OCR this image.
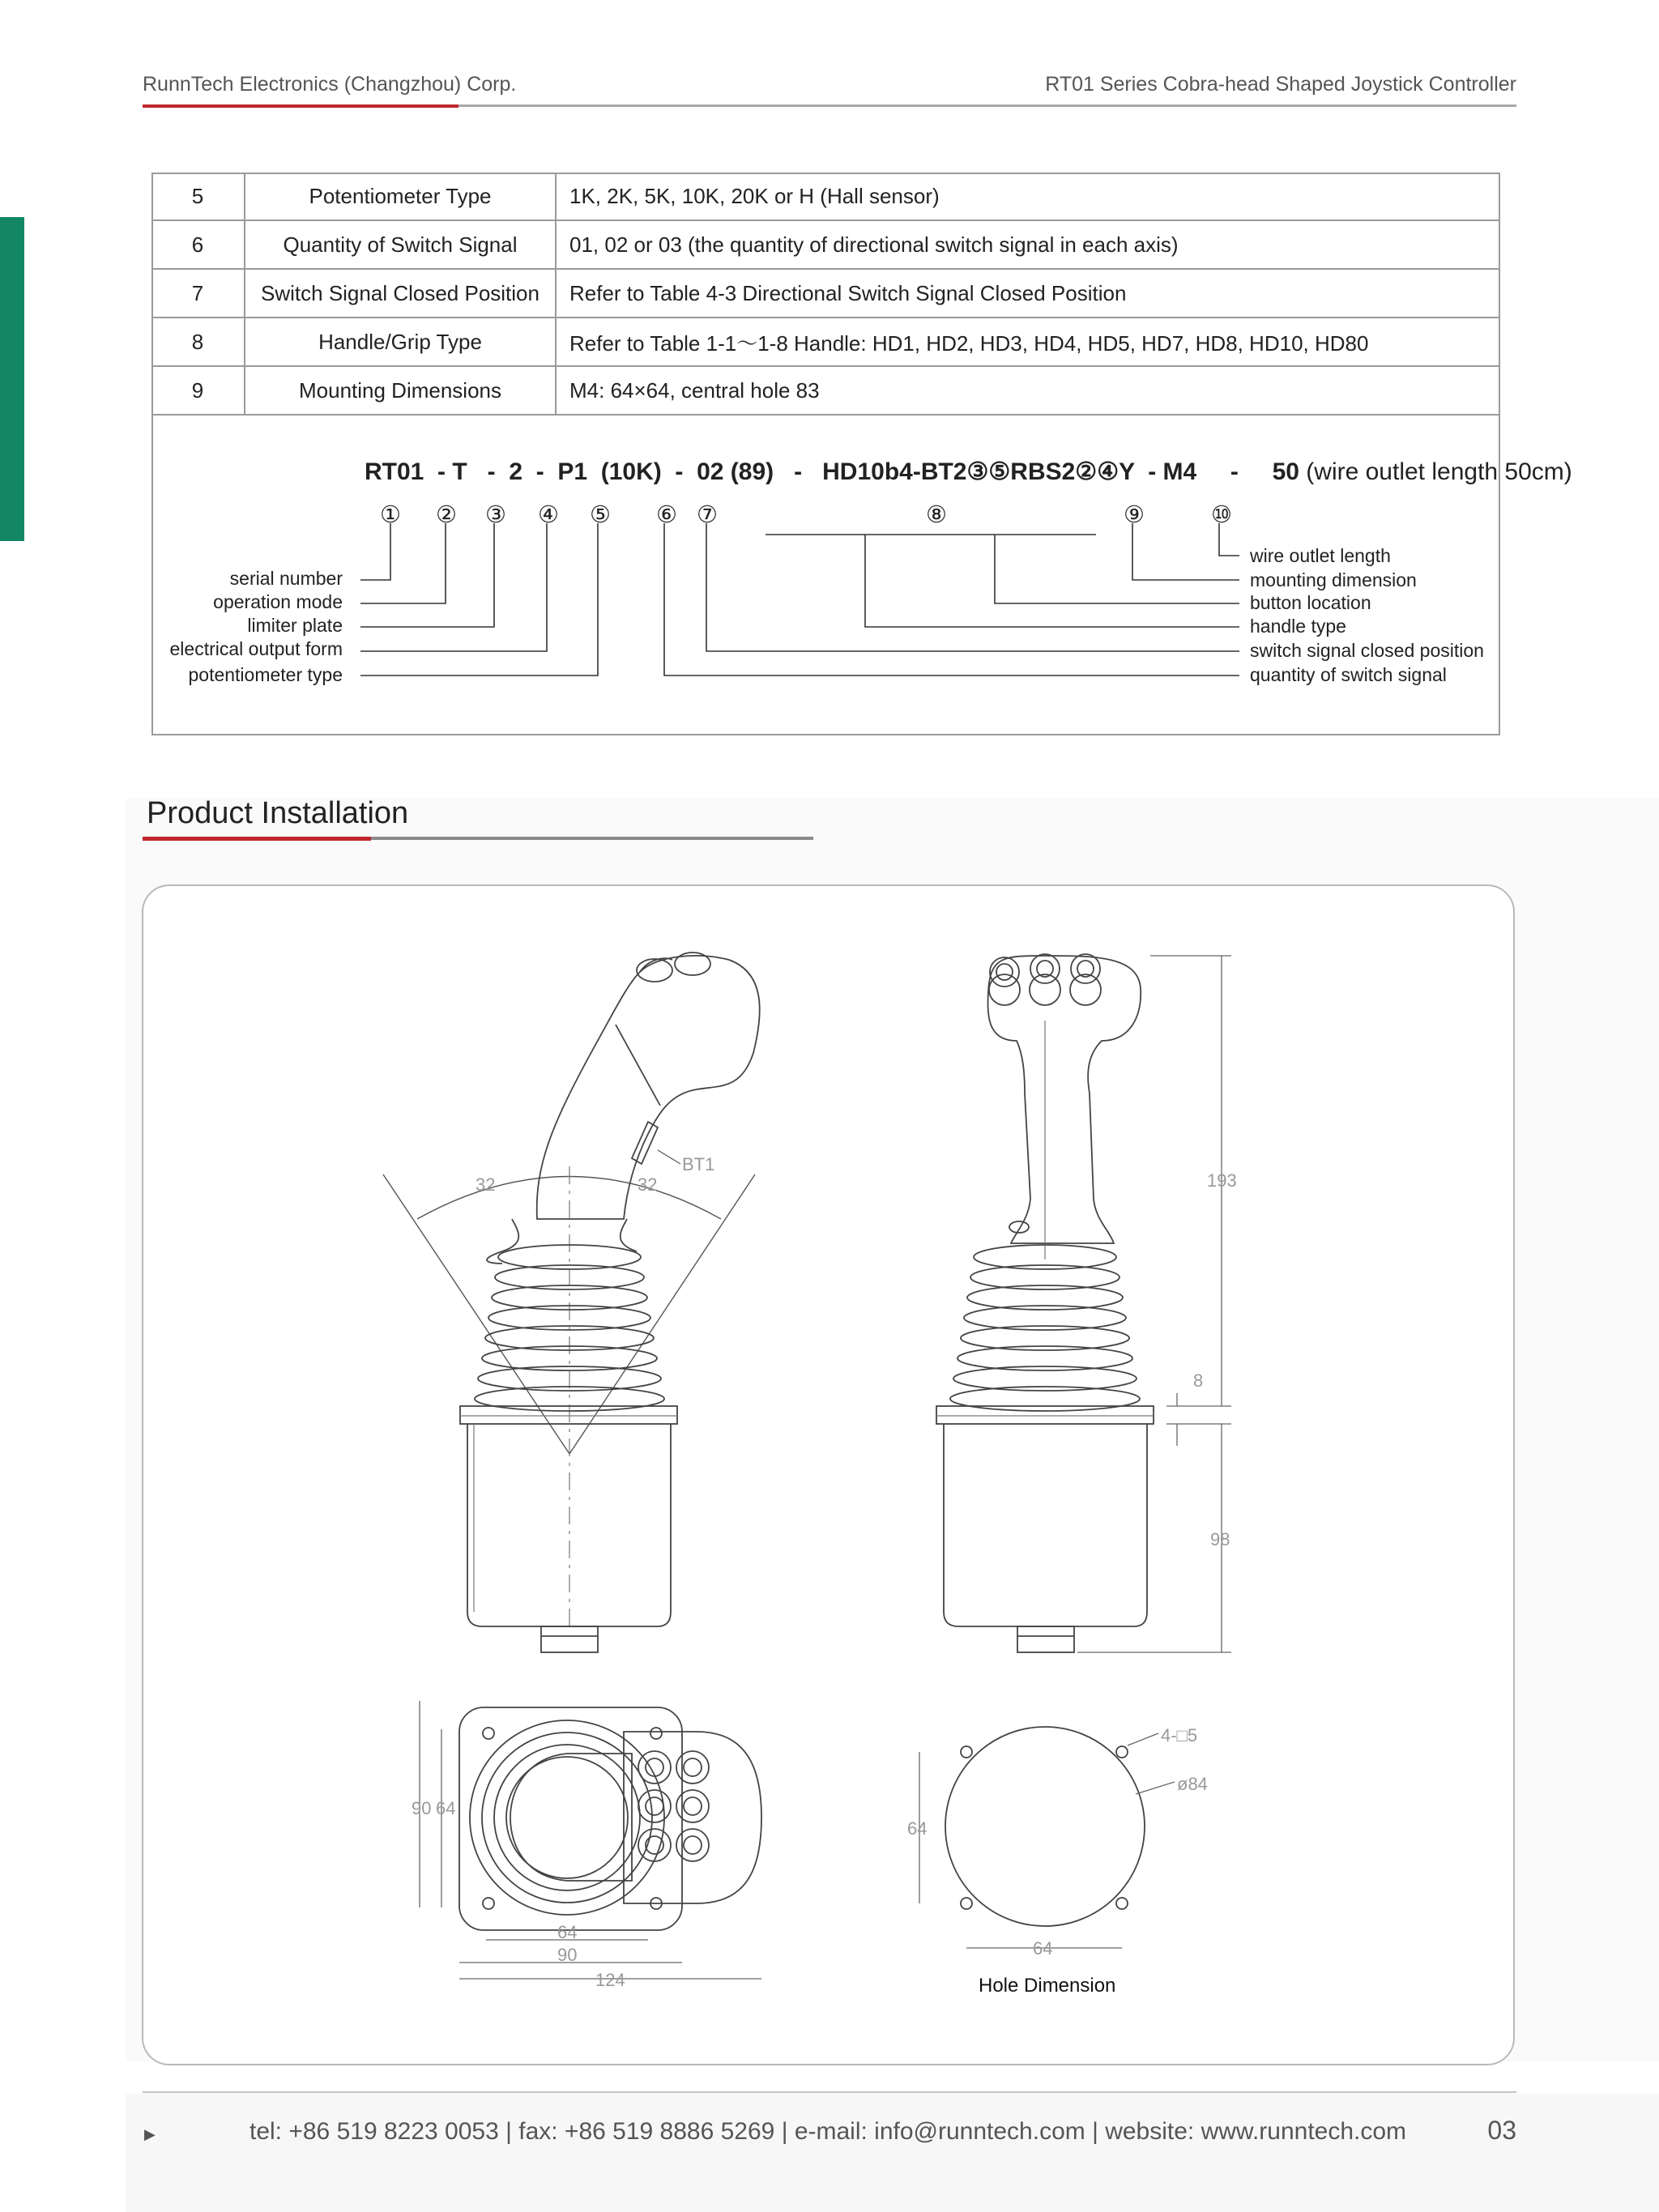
RunnTech Electronics (Changzhou) Corp.	RT01 Series Cobra-head Shaped Joystick Controller
5	Potentiometer Type	1K, 2K, 5K, 10K, 20K or H (Hall sensor)
6	Quantity of Switch Signal	01, 02 or 03 (the quantity of directional switch signal in each axis)
7	Switch Signal Closed Position	Refer to Table 4-3 Directional Switch Signal Closed Position
8	Handle/Grip Type	Refer to Table 1-1～1-8 Handle: HD1, HD2, HD3, HD4, HD5, HD7, HD8, HD10, HD80
9	Mounting Dimensions	M4: 64×64, central hole 83
RT01  - T   -  2  -  P1  (10K)  -  02 (89)   -   HD10b4-BT2③⑤RBS2②④Y  - M4     -     50 (wire outlet length 50cm)
① ② ③ ④ ⑤ ⑥ ⑦	⑧	⑨	⑩
serial number
operation mode
limiter plate
electrical output form
potentiometer type
wire outlet length
mounting dimension
button location
handle type
switch signal closed position
quantity of switch signal
Product Installation
32	32
BT1
193
8
98
90 64
64
90
124
4-□5
ø84
64
64
Hole Dimension
▶	tel: +86 519 8223 0053 | fax: +86 519 8886 5269 | e-mail: info@runntech.com | website: www.runntech.com	03
